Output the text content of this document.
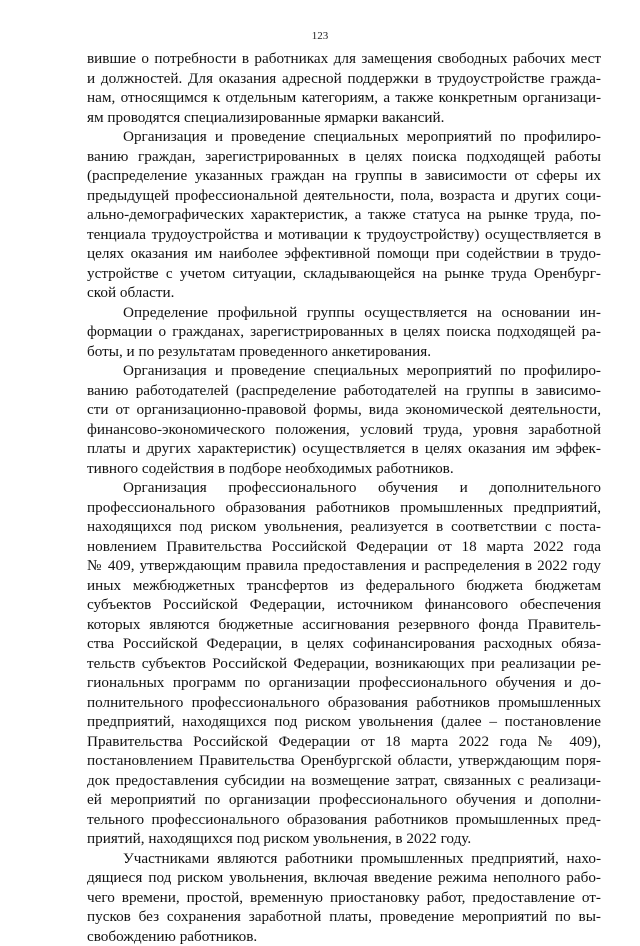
123
вившие о потребности в работниках для замещения свободных рабочих мест
и должностей. Для оказания адресной поддержки в трудоустройстве гражда-
нам, относящимся к отдельным категориям, а также конкретным организаци-
ям проводятся специализированные ярмарки вакансий.
Организация и проведение специальных мероприятий по профилиро-
ванию граждан, зарегистрированных в целях поиска подходящей работы
(распределение указанных граждан на группы в зависимости от сферы их
предыдущей профессиональной деятельности, пола, возраста и других соци-
ально-демографических характеристик, а также статуса на рынке труда, по-
тенциала трудоустройства и мотивации к трудоустройству) осуществляется в
целях оказания им наиболее эффективной помощи при содействии в трудо-
устройстве с учетом ситуации, складывающейся на рынке труда Оренбург-
ской области.
Определение профильной группы осуществляется на основании ин-
формации о гражданах, зарегистрированных в целях поиска подходящей ра-
боты, и по результатам проведенного анкетирования.
Организация и проведение специальных мероприятий по профилиро-
ванию работодателей (распределение работодателей на группы в зависимо-
сти от организационно-правовой формы, вида экономической деятельности,
финансово-экономического положения, условий труда, уровня заработной
платы и других характеристик) осуществляется в целях оказания им эффек-
тивного содействия в подборе необходимых работников.
Организация профессионального обучения и дополнительного
профессионального образования работников промышленных предприятий,
находящихся под риском увольнения, реализуется в соответствии с поста-
новлением Правительства Российской Федерации от 18 марта 2022 года
№ 409, утверждающим правила предоставления и распределения в 2022 году
иных межбюджетных трансфертов из федерального бюджета бюджетам
субъектов Российской Федерации, источником финансового обеспечения
которых являются бюджетные ассигнования резервного фонда Правитель-
ства Российской Федерации, в целях софинансирования расходных обяза-
тельств субъектов Российской Федерации, возникающих при реализации ре-
гиональных программ по организации профессионального обучения и до-
полнительного профессионального образования работников промышленных
предприятий, находящихся под риском увольнения (далее – постановление
Правительства Российской Федерации от 18 марта 2022 года № 409),
постановлением Правительства Оренбургской области, утверждающим поря-
док предоставления субсидии на возмещение затрат, связанных с реализаци-
ей мероприятий по организации профессионального обучения и дополни-
тельного профессионального образования работников промышленных пред-
приятий, находящихся под риском увольнения, в 2022 году.
Участниками являются работники промышленных предприятий, нахо-
дящиеся под риском увольнения, включая введение режима неполного рабо-
чего времени, простой, временную приостановку работ, предоставление от-
пусков без сохранения заработной платы, проведение мероприятий по вы-
свобождению работников.
